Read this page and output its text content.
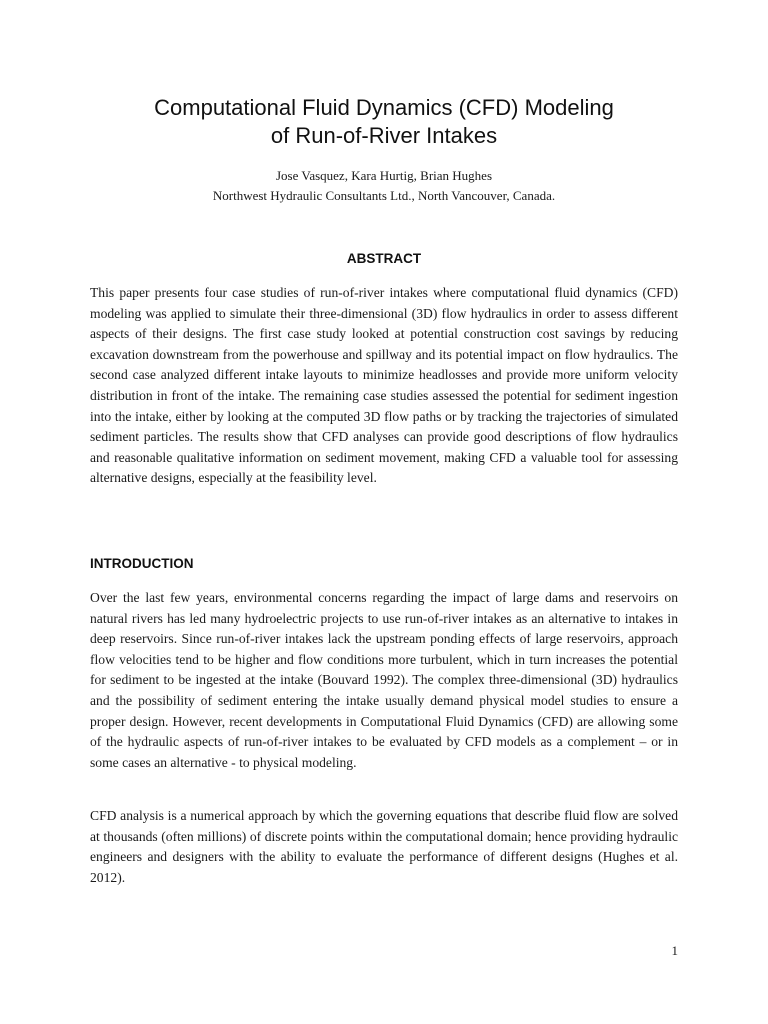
Computational Fluid Dynamics (CFD) Modeling
of Run-of-River Intakes
Jose Vasquez, Kara Hurtig, Brian Hughes
Northwest Hydraulic Consultants Ltd., North Vancouver, Canada.
ABSTRACT

This paper presents four case studies of run-of-river intakes where computational fluid dynamics (CFD) modeling was applied to simulate their three-dimensional (3D) flow hydraulics in order to assess different aspects of their designs. The first case study looked at potential construction cost savings by reducing excavation downstream from the powerhouse and spillway and its potential impact on flow hydraulics. The second case analyzed different intake layouts to minimize headlosses and provide more uniform velocity distribution in front of the intake. The remaining case studies assessed the potential for sediment ingestion into the intake, either by looking at the computed 3D flow paths or by tracking the trajectories of simulated sediment particles. The results show that CFD analyses can provide good descriptions of flow hydraulics and reasonable qualitative information on sediment movement, making CFD a valuable tool for assessing alternative designs, especially at the feasibility level.

INTRODUCTION

Over the last few years, environmental concerns regarding the impact of large dams and reservoirs on natural rivers has led many hydroelectric projects to use run-of-river intakes as an alternative to intakes in deep reservoirs. Since run-of-river intakes lack the upstream ponding effects of large reservoirs, approach flow velocities tend to be higher and flow conditions more turbulent, which in turn increases the potential for sediment to be ingested at the intake (Bouvard 1992). The complex three-dimensional (3D) hydraulics and the possibility of sediment entering the intake usually demand physical model studies to ensure a proper design. However, recent developments in Computational Fluid Dynamics (CFD) are allowing some of the hydraulic aspects of run-of-river intakes to be evaluated by CFD models as a complement – or in some cases an alternative - to physical modeling.

CFD analysis is a numerical approach by which the governing equations that describe fluid flow are solved at thousands (often millions) of discrete points within the computational domain; hence providing hydraulic engineers and designers with the ability to evaluate the performance of different designs (Hughes et al. 2012).

1
